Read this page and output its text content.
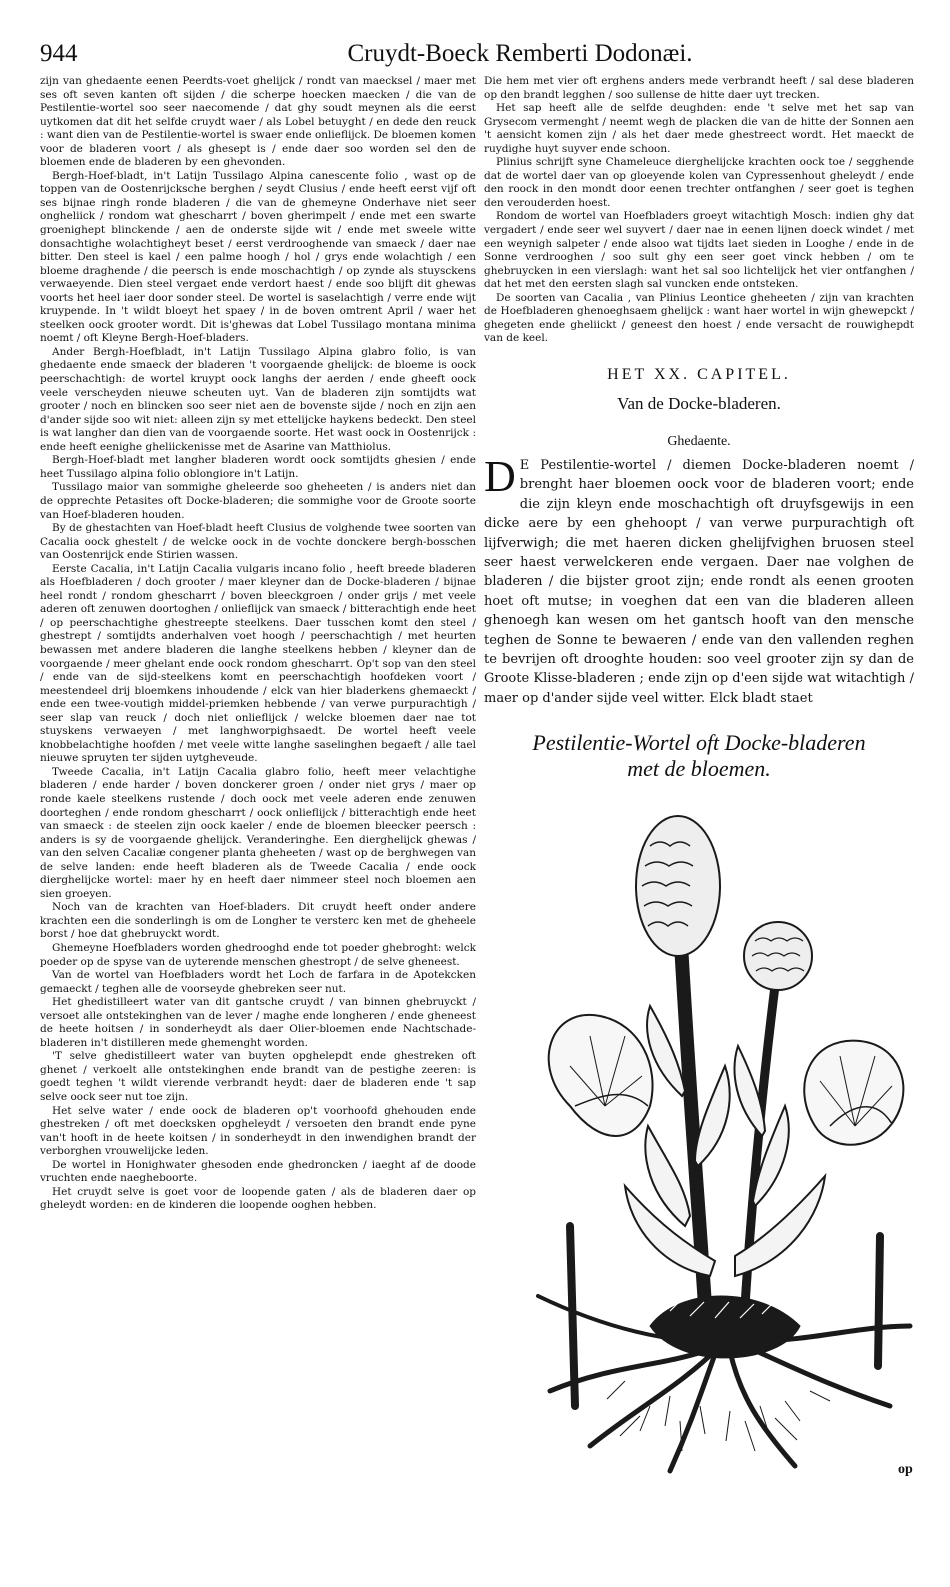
944	Cruydt-Boeck Remberti Dodonæi.

zijn van ghedaente eenen Peerdts-voet ghelijck / rondt van maecksel / maer met ses oft seven kanten oft sijden / die scherpe hoecken maecken / die van de Pestilentie-wortel soo seer naecomende / dat ghy soudt meynen als die eerst uytkomen dat dit het selfde cruydt waer / als Lobel betuyght / en dede den reuck : want dien van de Pestilentie-wortel is swaer ende onlieflijck. De bloemen komen voor de bladeren voort / als ghesept is / ende daer soo worden sel den de bloemen ende de bladeren by een ghevonden.

Bergh-Hoef-bladt, in't Latijn Tussilago Alpina canescente folio , wast op de toppen van de Oostenrijcksche berghen / seydt Clusius / ende heeft eerst vijf oft ses bijnae ringh ronde bladeren / die van de ghemeyne Onderhave niet seer ongheliick / rondom wat ghescharrt / boven gherimpelt / ende met een swarte groenighept blinckende / aen de onderste sijde wit / ende met sweele witte donsachtighe wolachtigheyt beset / eerst verdrooghende van smaeck / daer nae bitter. Den steel is kael / een palme hoogh / hol / grys ende wolachtigh / een bloeme draghende / die peersch is ende moschachtigh / op zynde als stuysckens verwaeyende. Dien steel vergaet ende verdort haest / ende soo blijft dit ghewas voorts het heel iaer door sonder steel. De wortel is saselachtigh / verre ende wijt kruypende. In 't wildt bloeyt het spaey / in de boven omtrent April / waer het steelken oock grooter wordt. Dit is'ghewas dat Lobel Tussilago montana minima noemt / oft Kleyne Bergh-Hoef-bladers.

Ander Bergh-Hoefbladt, in't Latijn Tussilago Alpina glabro folio, is van ghedaente ende smaeck der bladeren 't voorgaende ghelijck: de bloeme is oock peerschachtigh: de wortel kruypt oock langhs der aerden / ende gheeft oock veele verscheyden nieuwe scheuten uyt. Van de bladeren zijn somtijdts wat grooter / noch en blincken soo seer niet aen de bovenste sijde / noch en zijn aen d'ander sijde soo wit niet: alleen zijn sy met ettelijcke haykens bedeckt. Den steel is wat langher dan dien van de voorgaende soorte. Het wast oock in Oostenrijck : ende heeft eenighe gheliickenisse met de Asarine van Matthiolus.

Bergh-Hoef-bladt met langher bladeren wordt oock somtijdts ghesien / ende heet Tussilago alpina folio oblongiore in't Latijn.

Tussilago maior van sommighe gheleerde soo gheheeten / is anders niet dan de opprechte Petasites oft Docke-bladeren; die sommighe voor de Groote soorte van Hoef-bladeren houden.

By de ghestachten van Hoef-bladt heeft Clusius de volghende twee soorten van Cacalia oock ghestelt / de welcke oock in de vochte donckere bergh-bosschen van Oostenrijck ende Stirien wassen.

Eerste Cacalia, in't Latijn Cacalia vulgaris incano folio , heeft breede bladeren als Hoefbladeren / doch grooter / maer kleyner dan de Docke-bladeren / bijnae heel rondt / rondom ghescharrt / boven bleeckgroen / onder grijs / met veele aderen oft zenuwen doortoghen / onlieflijck van smaeck / bitterachtigh ende heet / op peerschachtighe ghestreepte steelkens. Daer tusschen komt den steel / ghestrept / somtijdts anderhalven voet hoogh / peerschachtigh / met heurten bewassen met andere bladeren die langhe steelkens hebben / kleyner dan de voorgaende / meer ghelant ende oock rondom ghescharrt. Op't sop van den steel / ende van de sijd-steelkens komt en peerschachtigh hoofdeken voort / meestendeel drij bloemkens inhoudende / elck van hier bladerkens ghemaeckt / ende een twee-voutigh middel-priemken hebbende / van verwe purpurachtigh / seer slap van reuck / doch niet onlieflijck / welcke bloemen daer nae tot stuyskens verwaeyen / met langhworpighsaedt. De wortel heeft veele knobbelachtighe hoofden / met veele witte langhe saselinghen begaeft / alle tael nieuwe spruyten ter sijden uytgheveude.

Tweede Cacalia, in't Latijn Cacalia glabro folio, heeft meer velachtighe bladeren / ende harder / boven donckerer groen / onder niet grys / maer op ronde kaele steelkens rustende / doch oock met veele aderen ende zenuwen doorteghen / ende rondom ghescharrt / oock onlieflijck / bitterachtigh ende heet van smaeck : de steelen zijn oock kaeler / ende de bloemen bleecker peersch : anders is sy de voorgaende ghelijck. Veranderinghe. Een dierghelijck ghewas / van den selven Cacaliæ congener planta gheheeten / wast op de berghwegen van de selve landen: ende heeft bladeren als de Tweede Cacalia / ende oock dierghelijcke wortel: maer hy en heeft daer nimmeer steel noch bloemen aen sien groeyen.

Noch van de krachten van Hoef-bladers. Dit cruydt heeft onder andere krachten een die sonderlingh is om de Longher te versterc ken met de gheheele borst / hoe dat ghebruyckt wordt.

Ghemeyne Hoefbladers worden ghedrooghd ende tot poeder ghebroght: welck poeder op de spyse van de uyterende menschen ghestropt / de selve gheneest.

Van de wortel van Hoefbladers wordt het Loch de farfara in de Apotekcken gemaeckt / teghen alle de voorseyde ghebreken seer nut.

Het ghedistilleert water van dit gantsche cruydt / van binnen ghebruyckt / versoet alle ontstekinghen van de lever / maghe ende longheren / ende gheneest de heete hoitsen / in sonderheydt als daer Olier-bloemen ende Nachtschade-bladeren in't distilleren mede ghemenght worden.

'T selve ghedistilleert water van buyten opghelepdt ende ghestreken oft ghenet / verkoelt alle ontstekinghen ende brandt van de pestighe zeeren: is goedt teghen 't wildt vierende verbrandt heydt: daer de bladeren ende 't sap selve oock seer nut toe zijn.

Het selve water / ende oock de bladeren op't voorhoofd ghehouden ende ghestreken / oft met doecksken opgheleydt / versoeten den brandt ende pyne van't hooft in de heete koitsen / in sonderheydt in den inwendighen brandt der verborghen vrouwelijcke leden.

De wortel in Honighwater ghesoden ende ghedroncken / iaeght af de doode vruchten ende naegheboorte.

Het cruydt selve is goet voor de loopende gaten / als de bladeren daer op gheleydt worden: en de kinderen die loopende ooghen hebben.

Die hem met vier oft erghens anders mede verbrandt heeft / sal dese bladeren op den brandt legghen / soo sullense de hitte daer uyt trecken.

Het sap heeft alle de selfde deughden: ende 't selve met het sap van Grysecom vermenght / neemt wegh de placken die van de hitte der Sonnen aen 't aensicht komen zijn / als het daer mede ghestreect wordt. Het maeckt de ruydighe huyt suyver ende schoon.

Plinius schrijft syne Chameleuce dierghelijcke krachten oock toe / segghende dat de wortel daer van op gloeyende kolen van Cypressenhout gheleydt / ende den roock in den mondt door eenen trechter ontfanghen / seer goet is teghen den verouderden hoest.

Rondom de wortel van Hoefbladers groeyt witachtigh Mosch: indien ghy dat vergadert / ende seer wel suyvert / daer nae in eenen lijnen doeck windet / met een weynigh salpeter / ende alsoo wat tijdts laet sieden in Looghe / ende in de Sonne verdrooghen / soo sult ghy een seer goet vinck hebben / om te ghebruycken in een vierslagh: want het sal soo lichtelijck het vier ontfanghen / dat het met den eersten slagh sal vuncken ende ontsteken.

De soorten van Cacalia , van Plinius Leontice gheheeten / zijn van krachten de Hoefbladeren ghenoeghsaem ghelijck : want haer wortel in wijn ghewepckt / ghegeten ende gheliickt / geneest den hoest / ende versacht de rouwighepdt van de keel.

HET XX. CAPITEL.
Van de Docke-bladeren.
Ghedaente.
D E Pestilentie-wortel / diemen Docke-bladeren noemt / brenght haer bloemen oock voor de bladeren voort; ende die zijn kleyn ende moschachtigh oft druyfsgewijs in een dicke aere by een ghehoopt / van verwe purpurachtigh oft lijfverwigh; die met haeren dicken ghelijfvighen bruosen steel seer haest verwelckeren ende vergaen. Daer nae volghen de bladeren / die bijster groot zijn; ende rondt als eenen grooten hoet oft mutse; in voeghen dat een van die bladeren alleen ghenoegh kan wesen om het gantsch hooft van den mensche teghen de Sonne te bewaeren / ende van den vallenden reghen te bevrijen oft drooghte houden: soo veel grooter zijn sy dan de Groote Klisse-bladeren ; ende zijn op d'een sijde wat witachtigh / maer op d'ander sijde veel witter. Elck bladt staet
Pestilentie-Wortel oft Docke-bladeren
met de bloemen.
op
